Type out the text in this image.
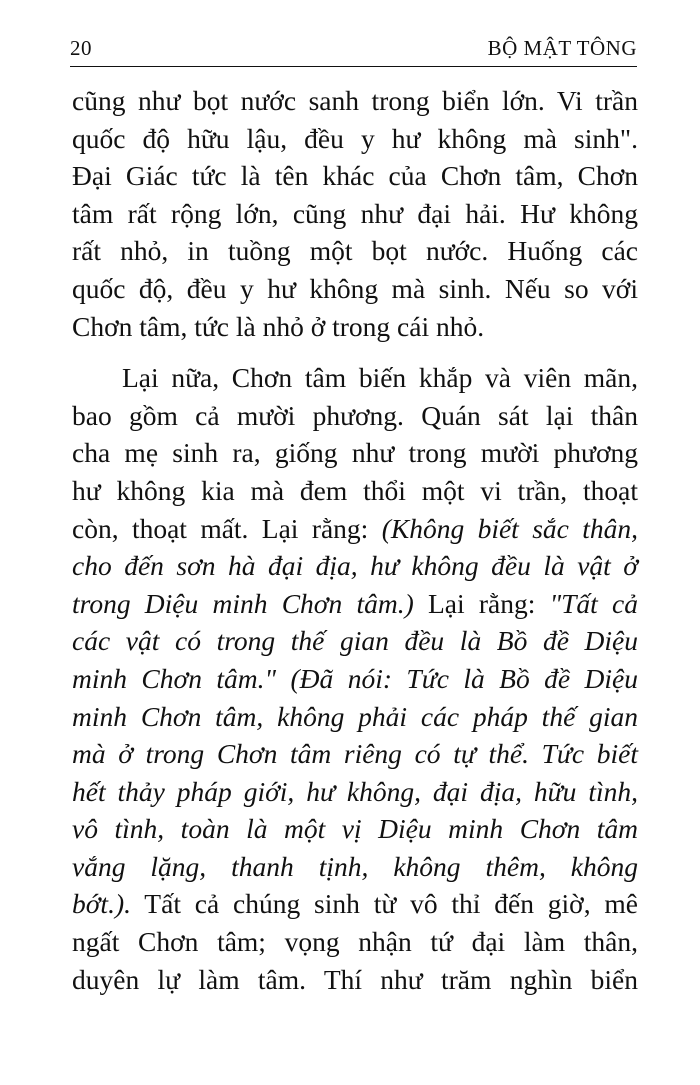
20	BỘ MẬT TÔNG
cũng như bọt nước sanh trong biển lớn. Vi trần
quốc độ hữu lậu, đều y hư không mà sinh".
Đại Giác tức là tên khác của Chơn tâm, Chơn
tâm rất rộng lớn, cũng như đại hải. Hư không
rất nhỏ, in tuồng một bọt nước. Huống các
quốc độ, đều y hư không mà sinh. Nếu so với
Chơn tâm, tức là nhỏ ở trong cái nhỏ.
Lại nữa, Chơn tâm biến khắp và viên mãn,
bao gồm cả mười phương. Quán sát lại thân
cha mẹ sinh ra, giống như trong mười phương
hư không kia mà đem thổi một vi trần, thoạt
còn, thoạt mất. Lại rằng: (Không biết sắc thân,
cho đến sơn hà đại địa, hư không đều là vật ở
trong Diệu minh Chơn tâm.) Lại rằng: "Tất cả
các vật có trong thế gian đều là Bồ đề Diệu
minh Chơn tâm." (Đã nói: Tức là Bồ đề Diệu
minh Chơn tâm, không phải các pháp thế gian
mà ở trong Chơn tâm riêng có tự thể. Tức biết
hết thảy pháp giới, hư không, đại địa, hữu tình,
vô tình, toàn là một vị Diệu minh Chơn tâm
vắng lặng, thanh tịnh, không thêm, không
bớt.). Tất cả chúng sinh từ vô thỉ đến giờ, mê
ngất Chơn tâm; vọng nhận tứ đại làm thân,
duyên lự làm tâm. Thí như trăm nghìn biển
